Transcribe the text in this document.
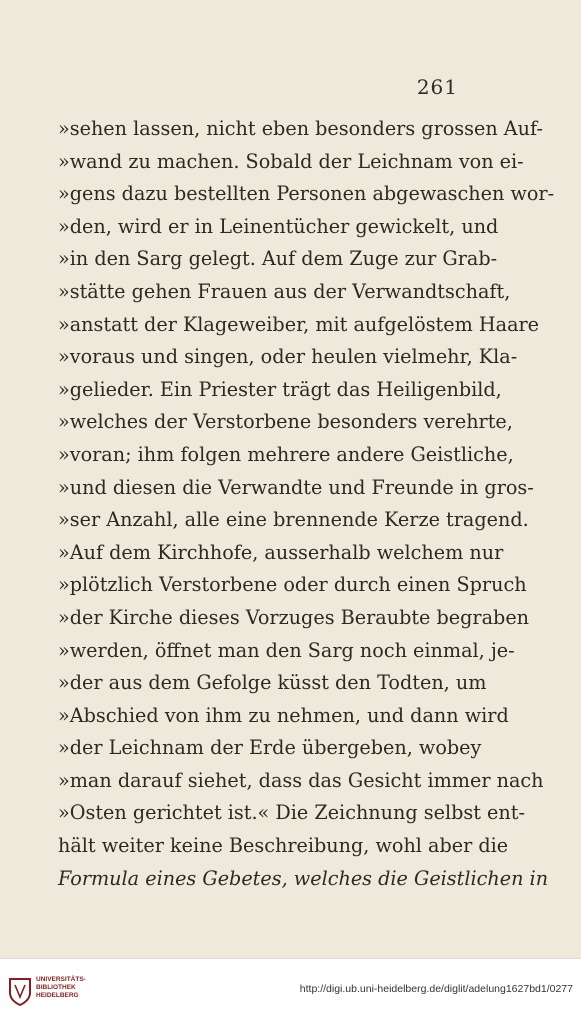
261
»sehen lassen, nicht eben besonders grossen Auf-
»wand zu machen. Sobald der Leichnam von ei-
»gens dazu bestellten Personen abgewaschen wor-
»den, wird er in Leinentücher gewickelt, und
»in den Sarg gelegt. Auf dem Zuge zur Grab-
»stätte gehen Frauen aus der Verwandtschaft,
»anstatt der Klageweiber, mit aufgelöstem Haare
»voraus und singen, oder heulen vielmehr, Kla-
»gelieder. Ein Priester trägt das Heiligenbild,
»welches der Verstorbene besonders verehrte,
»voran; ihm folgen mehrere andere Geistliche,
»und diesen die Verwandte und Freunde in gros-
»ser Anzahl, alle eine brennende Kerze tragend.
»Auf dem Kirchhofe, ausserhalb welchem nur
»plötzlich Verstorbene oder durch einen Spruch
»der Kirche dieses Vorzuges Beraubte begraben
»werden, öffnet man den Sarg noch einmal, je-
»der aus dem Gefolge küsst den Todten, um
»Abschied von ihm zu nehmen, und dann wird
»der Leichnam der Erde übergeben, wobey
»man darauf siehet, dass das Gesicht immer nach
»Osten gerichtet ist.« Die Zeichnung selbst ent-
hält weiter keine Beschreibung, wohl aber die
Formula eines Gebetes, welches die Geistlichen in
UNIVERSITÄTS-
BIBLIOTHEK
HEIDELBERG
http://digi.ub.uni-heidelberg.de/diglit/adelung1627bd1/0277
